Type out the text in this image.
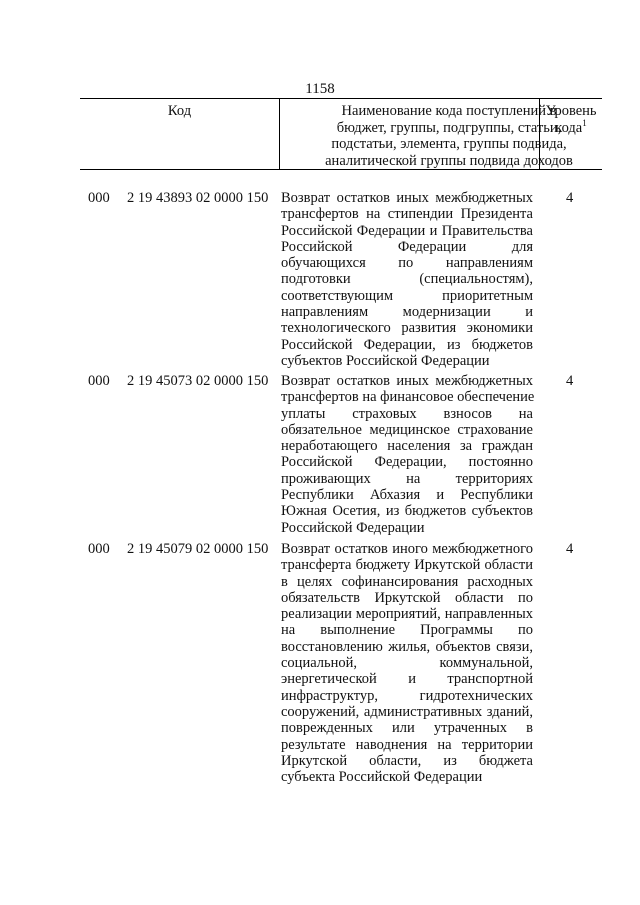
1158
Код	Наименование кода поступлений в
бюджет, группы, подгруппы, статьи,
подстатьи, элемента, группы подвида,
аналитической группы подвида доходов
Уровень
кода$^1$
000 2 19 43893 02 0000 150 Возврат остатков иных межбюджетных
трансфертов на стипендии Президента
Российской Федерации и Правительства
Российской Федерации для
обучающихся по направлениям
подготовки (специальностям),
соответствующим приоритетным
направлениям модернизации и
технологического развития экономики
Российской Федерации, из бюджетов
субъектов Российской Федерации
4
000 2 19 45073 02 0000 150 Возврат остатков иных межбюджетных
трансфертов на финансовое обеспечение
уплаты страховых взносов на
обязательное медицинское страхование
неработающего населения за граждан
Российской Федерации, постоянно
проживающих на территориях
Республики Абхазия и Республики
Южная Осетия, из бюджетов субъектов
Российской Федерации
4
000 2 19 45079 02 0000 150 Возврат остатков иного межбюджетного
трансферта бюджету Иркутской области
в целях софинансирования расходных
обязательств Иркутской области по
реализации мероприятий, направленных
на выполнение Программы по
восстановлению жилья, объектов связи,
социальной, коммунальной,
энергетической и транспортной
инфраструктур, гидротехнических
сооружений, административных зданий,
поврежденных или утраченных в
результате наводнения на территории
Иркутской области, из бюджета
субъекта Российской Федерации
4
